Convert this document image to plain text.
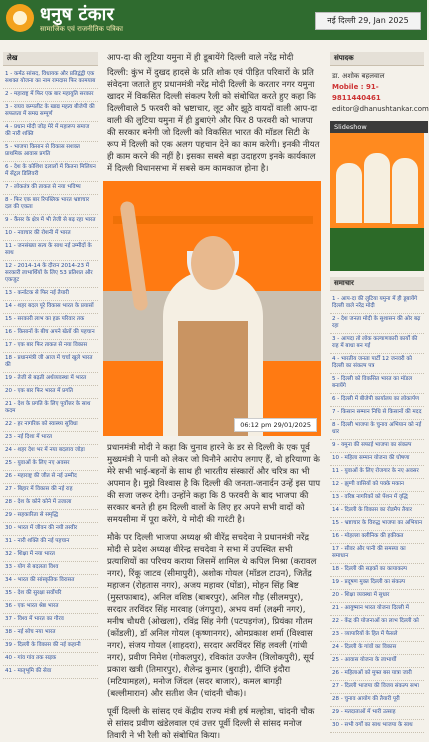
धनुष टंकार
सामाजिक एवं राजनीतिक पत्रिका
नई दिल्ली 29, Jan 2025
लेख
1 - कर्मठ सांसद, विधायक और प्रतिद्वंद्वी एक सशक्त योजना का नाम रामदास फिर कामयाब
2 - महाराष्ट्र में फिर एक बार महायुति सरकार
3 - राघव कम्पलीट के खाद्य महत्व बीजेपी की सफलता में समग्र सम्पूर्ण
4 - प्रधान मोदी जोड़ मेरे में महारूप समाज की नारी शक्ति
5 - भाजपा किसान से विकास सशक्त प्राथमिक आवास प्रगति
6 - देश के कोशिश दलालों में कितना मिलियन में सेंट्रल डिलिवरी
7 - लोकतंत्र की ताकत से नया भविष्य
8 - फिर एक बार रिपब्लिक भारत भ्रष्टाचार दल की एकता
9 - कैंसर के क्षेत्र में भी तेजी से बढ़ रहा भारत
10 - नवाचार की रोशनी में भारत
11 - जनसंख्या सत्य के साथ नई उम्मीदों के साथ
12 - 2014-14 के दौरान 2014-23 में सरकारी लाभार्थियों के लिए 53 प्रतिशत और एकजुट
13 - कर्नाटक से फिर नई तैयारी
14 - शहर बदल पूरे विकास भारत के प्रयासों
15 - सरकारी लाभ का हक़ परिवार तक
16 - किसानों के बीच अपने खेतों की पहचान
17 - एक बार फिर ताकत से नया विकास
18 - प्रधानमंत्री जी आज में चर्चा खुले भारत की
19 - तेजी से बढ़ती अर्थव्यवस्था में भारत
20 - एक बार फिर भारत में प्रगति
21 - देश के प्रगति के लिए पूर्वोत्तर के साथ कदम
22 - हर नागरिक को स्वास्थ्य सुविधा
23 - नई दिशा में भारत
24 - शहर देश भर में नया बदलाव जोड़ा
25 - युवाओं के लिए नए अवसर
26 - महाराष्ट्र की जीत से नई उम्मीद
27 - बिहार में विकास की नई राह
28 - देश के कोने कोने में उजाला
29 - सहकारिता से समृद्धि
30 - भारत में जीवन की नयी तस्वीर
31 - नारी शक्ति की नई पहचान
32 - शिक्षा में नया भारत
33 - योग से बदलता विश्व
34 - भारत की सांस्कृतिक विरासत
35 - देश की सुरक्षा सर्वोपरि
36 - एक भारत श्रेष्ठ भारत
37 - विश्व में भारत का गौरव
38 - नई सोच नया भारत
39 - दिल्ली के विकास की नई कहानी
40 - गांव गांव तक सड़क
41 - मातृभूमि की सेवा

आप-दा की लूटिया यमुना में ही डूबायेंगे दिल्ली वाले नरेंद्र मोदी

दिल्ली: कुंभ में दुखद हादसे के प्रति शोक एवं पीड़ित परिवारों के प्रति संवेदना जताते हुए प्रधानमंत्री नरेंद्र मोदी दिल्ली के करतार नगर यमुना खादर में विकसित दिल्ली संकल्प रैली को संबोधित करते हुए कहा कि दिल्लीवाले 5 फरवरी को भ्रष्टाचार, लूट और झूठे वायदों वाली आप-दा वाली की लुटिया यमुना में ही डुबाएंगे और फिर 8 फरवरी को भाजपा की सरकार बनेगी जो दिल्ली को विकसित भारत की मॉडल सिटी के रूप में दिल्ली को एक अलग पहचान देने का काम करेगी। इनकी नीयत ही काम करने की नहीं है। इसका सबसे बड़ा उदाहरण इनके कार्यकाल में दिल्ली विधानसभा में सबसे कम कामकाज होना है।

06:12 pm 29/01/2025

प्रधानमंत्री मोदी ने कहा कि चुनाव हारने के डर से दिल्ली के एक पूर्व मुख्यमंत्री ने पानी को लेकर जो घिनौने आरोप लगाए हैं, वो हरियाणा के मेरे सभी भाई-बहनों के साथ ही भारतीय संस्कारों और चरित्र का भी अपमान है। मुझे विश्वास है कि दिल्ली की जनता-जनार्दन उन्हें इस पाप की सजा जरूर देगी। उन्होंने कहा कि 8 फरवरी के बाद भाजपा की सरकार बनते ही हम दिल्ली वालों के लिए हर अपने सभी वादों को समयसीमा में पूरा करेंगे, ये मोदी की गारंटी है।

मौके पर दिल्ली भाजपा अध्यक्ष श्री वीरेंद्र सचदेवा ने प्रधानमंत्री नरेंद्र मोदी से प्रदेश अध्यक्ष वीरेन्द्र सचदेवा ने सभा में उपस्थित सभी प्रत्याशियों का परिचय कराया जिसमें शामिल थे कपिल मिश्रा (करावल नगर), रिंकू जाटव (सीमापुरी), अशोक गोयल (मॉडल टाउन), जितेंद्र महाजन (रोहतास नगर), अजय महावर (घोंडा), मोहन सिंह बिष्ट (मुस्तफाबाद), अनिल वशिष्ठ (बाबरपुर), अनिल गौड़ (सीलमपुर), सरदार तरविंदर सिंह मारवाह (जंगपुरा), अभय वर्मा (लक्ष्मी नगर), मनीष चौधरी (ओखला), रविंद्र सिंह नेगी (पटपड़गंज), प्रियंका गौतम (कोंडली), डॉ अनिल गोयल (कृष्णानगर), ओमप्रकाश शर्मा (विश्वास नगर), संजय गोयल (शाहदरा), सरदार अरविंदर सिंह लवली (गांधी नगर), प्रवीण निमेश (गोकलपुर), रविकांत उज्जैन (त्रिलोकपुरी), सूर्य प्रकाश खत्री (तिमारपुर), शैलेन्द्र कुमार (बुराड़ी), दीप्ति इंदौरा (मटियामहल), मनोज जिंदल (सदर बाजार), कमल बागड़ी (बल्लीमारान) और सतीश जैन (चांदनी चौक)।

पूर्वी दिल्ली के सांसद एवं केंद्रीय राज्य मंत्री हर्ष मल्होत्रा, चांदनी चौक से सांसद प्रवीण खंडेलवाल एवं उत्तर पूर्वी दिल्ली से सांसद मनोज तिवारी ने भी रैली को संबोधित किया।

संपादक
डा. अशोक बहलवाल
Mobile : 91-9811440461
editor@dhanushtankar.com
Slideshow
समाचार
1 - आप-दा की लुटिया यमुना में ही डूबायेंगे दिल्ली वाले नरेंद्र मोदी
2 - देश जनता मोदी के सुशासन की ओर बढ़ रहा
3 - आपदा तो लोक कल्याणकारी कार्यों की राह में बाधा बन गई
4 - भारतीय जनता पार्टी 12 जनवरी को दिल्ली का संकल्प पत्र
5 - दिल्ली को विकसित भारत का मॉडल बनायेंगे
6 - दिल्ली में बीजेपी कार्यालय का लोकार्पण
7 - किसान सम्मान निधि से किसानों की मदद
8 - दिल्ली भाजपा के चुनाव अभियान को नई धार
9 - यमुना की सफाई भाजपा का संकल्प
10 - महिला सम्मान योजना की घोषणा
11 - युवाओं के लिए रोजगार के नए अवसर
12 - झुग्गी वासियों को पक्के मकान
13 - वरिष्ठ नागरिकों को पेंशन में वृद्धि
14 - दिल्ली के विकास का रोडमैप तैयार
15 - भ्रष्टाचार के विरुद्ध भाजपा का अभियान
16 - मोहल्ला क्लीनिक की हकीकत
17 - सीवर और पानी की समस्या का समाधान
18 - दिल्ली की सड़कों का कायाकल्प
19 - प्रदूषण मुक्त दिल्ली का संकल्प
20 - शिक्षा व्यवस्था में सुधार
21 - आयुष्मान भारत योजना दिल्ली में
22 - केंद्र की योजनाओं का लाभ दिल्ली को
23 - व्यापारियों के हित में फैसले
24 - दिल्ली के गांवों का विकास
25 - आवास योजना के लाभार्थी
26 - महिलाओं को मुफ्त बस यात्रा जारी
27 - दिल्ली भाजपा की विजय संकल्प सभा
28 - चुनाव आयोग की तैयारी पूरी
29 - मतदाताओं में भारी उत्साह
30 - सभी वर्गों का साथ भाजपा के साथ
